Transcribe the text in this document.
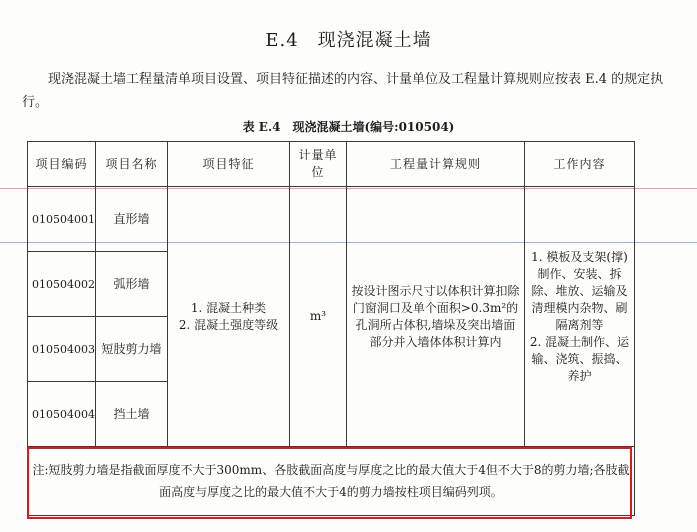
E.4　现浇混凝土墙
现浇混凝土墙工程量清单项目设置、项目特征描述的内容、计量单位及工程量计算规则应按表 E.4 的规定执行。
表 E.4　现浇混凝土墙(编号:010504)
项目编码	项目名称	项目特征	计量单位	工程量计算规则	工作内容
010504001	直形墙	1. 混凝土种类
2. 混凝土强度等级	m³	按设计图示尺寸以体积计算扣除门窗洞口及单个面积>0.3m²的孔洞所占体积,墙垛及突出墙面部分并入墙体体积计算内	1. 模板及支架(撑)制作、安装、拆除、堆放、运输及清理模内杂物、刷隔离剂等
2. 混凝土制作、运输、浇筑、振捣、养护

010504002	弧形墙				
010504003	短肢剪力墙				
010504004	挡土墙				
注:短肢剪力墙是指截面厚度不大于300mm、各肢截面高度与厚度之比的最大值大于4但不大于8的剪力墙;各肢截面高度与厚度之比的最大值不大于4的剪力墙按柱项目编码列项。					
